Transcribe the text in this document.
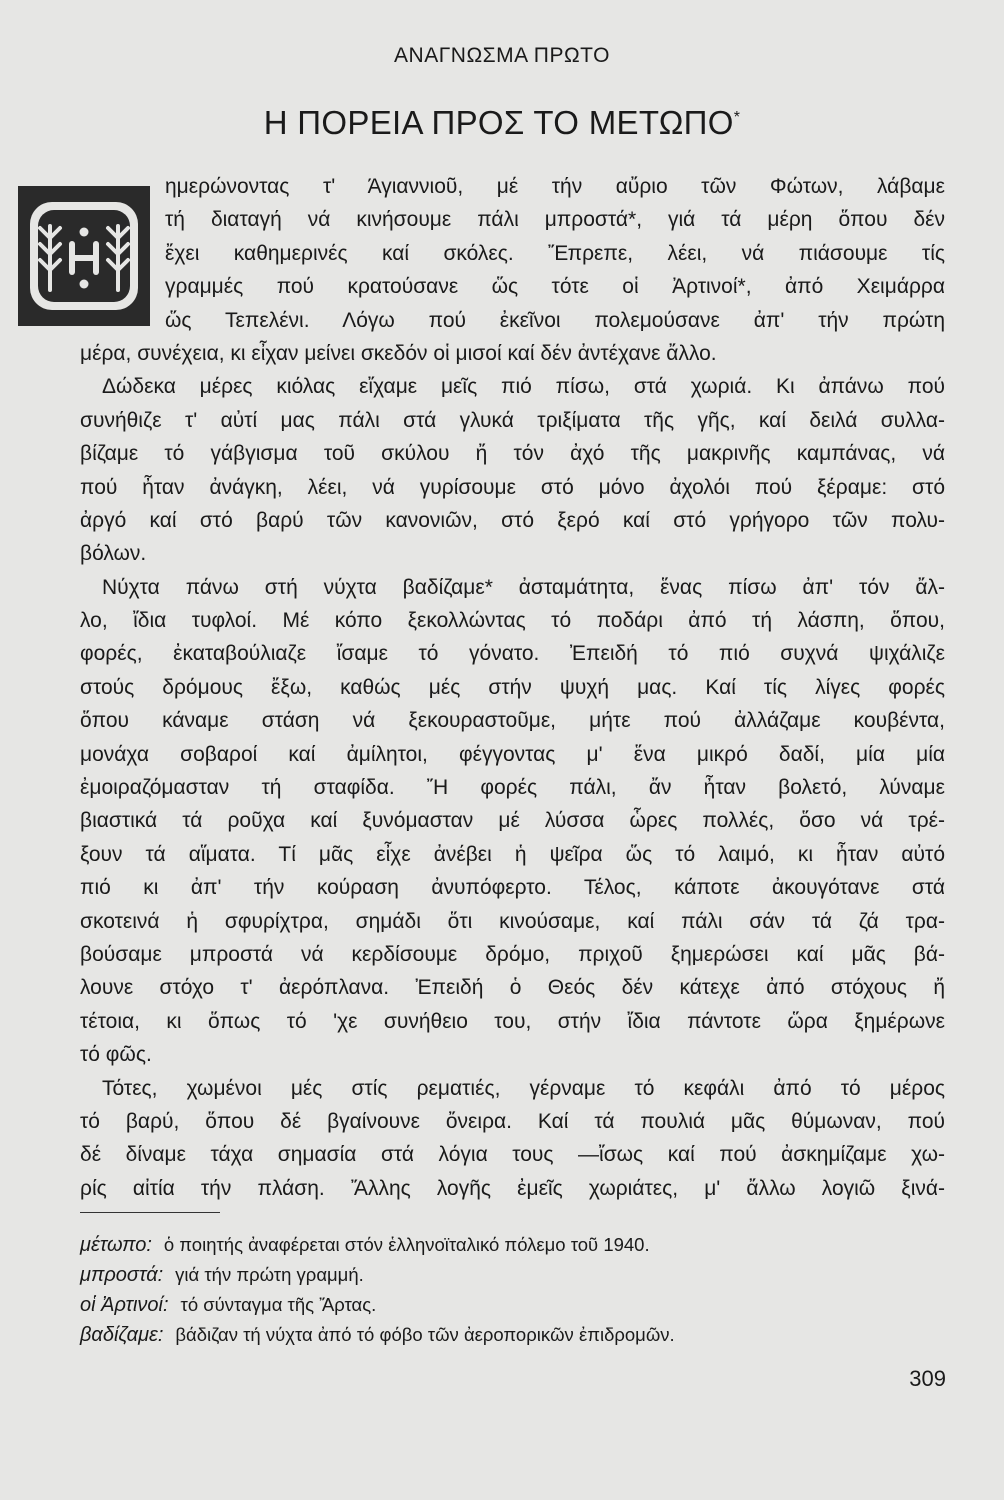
ΑΝΑΓΝΩΣΜΑ ΠΡΩΤΟ
Η ΠΟΡΕΙΑ ΠΡΟΣ ΤΟ ΜΕΤΩΠΟ*
ημερώνοντας τ' Άγιαννιοῦ, μέ τήν αὔριο τῶν Φώτων, λάβαμε
τή διαταγή νά κινήσουμε πάλι μπροστά*, γιά τά μέρη ὅπου δέν
ἔχει καθημερινές καί σκόλες. Ἔπρεπε, λέει, νά πιάσουμε τίς
γραμμές πού κρατούσανε ὥς τότε οἱ Ἀρτινοί*, ἀπό Χειμάρρα
ὥς Τεπελένι. Λόγω πού ἐκεῖνοι πολεμούσανε ἀπ' τήν πρώτη
μέρα, συνέχεια, κι εἶχαν μείνει σκεδόν οἱ μισοί καί δέν ἀντέχανε ἄλλο.
Δώδεκα μέρες κιόλας εἴχαμε μεῖς πιό πίσω, στά χωριά. Κι ἀπάνω πού
συνήθιζε τ' αὐτί μας πάλι στά γλυκά τριξίματα τῆς γῆς, καί δειλά συλλα-
βίζαμε τό γάβγισμα τοῦ σκύλου ἤ τόν ἀχό τῆς μακρινῆς καμπάνας, νά
πού ἦταν ἀνάγκη, λέει, νά γυρίσουμε στό μόνο ἀχολόι πού ξέραμε: στό
ἀργό καί στό βαρύ τῶν κανονιῶν, στό ξερό καί στό γρήγορο τῶν πολυ-
βόλων.
Νύχτα πάνω στή νύχτα βαδίζαμε* ἀσταμάτητα, ἕνας πίσω ἀπ' τόν ἄλ-
λο, ἴδια τυφλοί. Μέ κόπο ξεκολλώντας τό ποδάρι ἀπό τή λάσπη, ὅπου,
φορές, ἐκαταβούλιαζε ἴσαμε τό γόνατο. Ἐπειδή τό πιό συχνά ψιχάλιζε
στούς δρόμους ἔξω, καθώς μές στήν ψυχή μας. Καί τίς λίγες φορές
ὅπου κάναμε στάση νά ξεκουραστοῦμε, μήτε πού ἀλλάζαμε κουβέντα,
μονάχα σοβαροί καί ἀμίλητοι, φέγγοντας μ' ἕνα μικρό δαδί, μία μία
ἐμοιραζόμασταν τή σταφίδα. Ἤ φορές πάλι, ἄν ἦταν βολετό, λύναμε
βιαστικά τά ροῦχα καί ξυνόμασταν μέ λύσσα ὧρες πολλές, ὅσο νά τρέ-
ξουν τά αἵματα. Τί μᾶς εἶχε ἀνέβει ἡ ψεῖρα ὥς τό λαιμό, κι ἦταν αὐτό
πιό κι ἀπ' τήν κούραση ἀνυπόφερτο. Τέλος, κάποτε ἀκουγότανε στά
σκοτεινά ἡ σφυρίχτρα, σημάδι ὅτι κινούσαμε, καί πάλι σάν τά ζά τρα-
βούσαμε μπροστά νά κερδίσουμε δρόμο, πριχοῦ ξημερώσει καί μᾶς βά-
λουνε στόχο τ' ἀερόπλανα. Ἐπειδή ὁ Θεός δέν κάτεχε ἀπό στόχους ἤ
τέτοια, κι ὅπως τό 'χε συνήθειο του, στήν ἴδια πάντοτε ὥρα ξημέρωνε
τό φῶς.
Τότες, χωμένοι μές στίς ρεματιές, γέρναμε τό κεφάλι ἀπό τό μέρος
τό βαρύ, ὅπου δέ βγαίνουνε ὄνειρα. Καί τά πουλιά μᾶς θύμωναν, πού
δέ δίναμε τάχα σημασία στά λόγια τους —ἴσως καί πού ἀσκημίζαμε χω-
ρίς αἰτία τήν πλάση. Ἄλλης λογῆς ἐμεῖς χωριάτες, μ' ἄλλω λογιῶ ξινά-
μέτωπο: ὁ ποιητής ἀναφέρεται στόν ἑλληνοϊταλικό πόλεμο τοῦ 1940.
μπροστά: γιά τήν πρώτη γραμμή.
οἱ Ἀρτινοί: τό σύνταγμα τῆς Ἄρτας.
βαδίζαμε: βάδιζαν τή νύχτα ἀπό τό φόβο τῶν ἀεροπορικῶν ἐπιδρομῶν.
309
